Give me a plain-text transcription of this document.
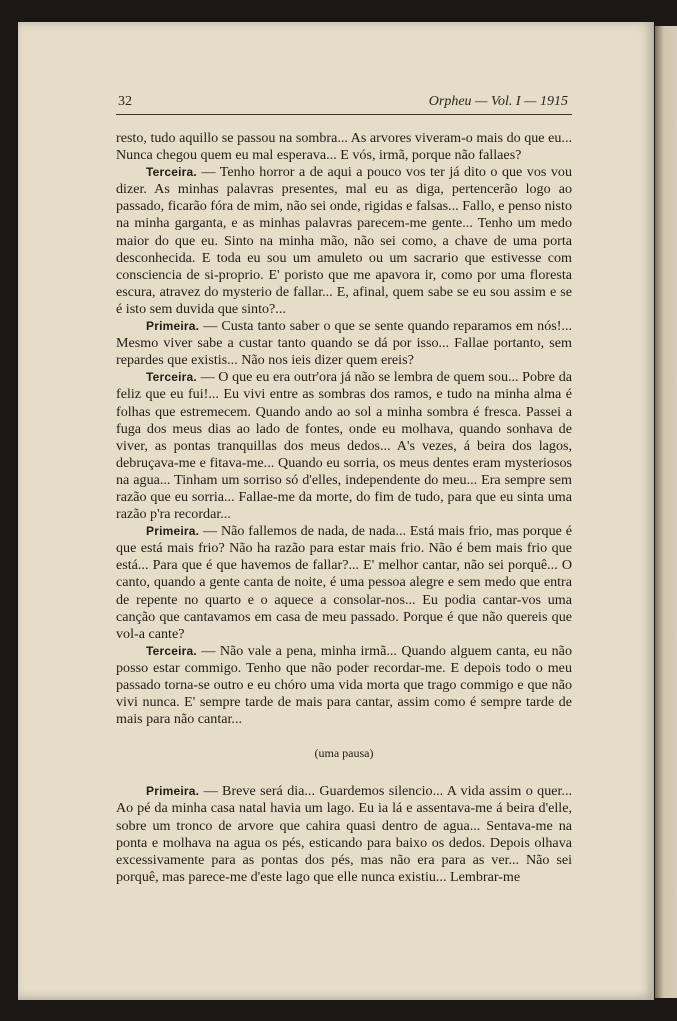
32	Orpheu — Vol. I — 1915

resto, tudo aquillo se passou na sombra... As arvores viveram-o mais do que eu... Nunca chegou quem eu mal esperava... E vós, irmã, porque não fallaes?

Terceira. — Tenho horror a de aqui a pouco vos ter já dito o que vos vou dizer. As minhas palavras presentes, mal eu as diga, pertencerão logo ao passado, ficarão fóra de mim, não sei onde, rigidas e falsas... Fallo, e penso nisto na minha garganta, e as minhas palavras parecem-me gente... Tenho um medo maior do que eu. Sinto na minha mão, não sei como, a chave de uma porta desconhecida. E toda eu sou um amuleto ou um sacrario que estivesse com consciencia de si-proprio. E' poristo que me apavora ir, como por uma floresta escura, atravez do mysterio de fallar... E, afinal, quem sabe se eu sou assim e se é isto sem duvida que sinto?...

Primeira. — Custa tanto saber o que se sente quando reparamos em nós!... Mesmo viver sabe a custar tanto quando se dá por isso... Fallae portanto, sem repardes que existis... Não nos ieis dizer quem ereis?

Terceira. — O que eu era outr'ora já não se lembra de quem sou... Pobre da feliz que eu fui!... Eu vivi entre as sombras dos ramos, e tudo na minha alma é folhas que estremecem. Quando ando ao sol a minha sombra é fresca. Passei a fuga dos meus dias ao lado de fontes, onde eu molhava, quando sonhava de viver, as pontas tranquillas dos meus dedos... A's vezes, á beira dos lagos, debruçava-me e fitava-me... Quando eu sorria, os meus dentes eram mysteriosos na agua... Tinham um sorriso só d'elles, independente do meu... Era sempre sem razão que eu sorria... Fallae-me da morte, do fim de tudo, para que eu sinta uma razão p'ra recordar...

Primeira. — Não fallemos de nada, de nada... Está mais frio, mas porque é que está mais frio? Não ha razão para estar mais frio. Não é bem mais frio que está... Para que é que havemos de fallar?... E' melhor cantar, não sei porquê... O canto, quando a gente canta de noite, é uma pessoa alegre e sem medo que entra de repente no quarto e o aquece a consolar-nos... Eu podia cantar-vos uma canção que cantavamos em casa de meu passado. Porque é que não quereis que vol-a cante?

Terceira. — Não vale a pena, minha irmã... Quando alguem canta, eu não posso estar commigo. Tenho que não poder recordar-me. E depois todo o meu passado torna-se outro e eu chóro uma vida morta que trago commigo e que não vivi nunca. E' sempre tarde de mais para cantar, assim como é sempre tarde de mais para não cantar...

(uma pausa)

Primeira. — Breve será dia... Guardemos silencio... A vida assim o quer... Ao pé da minha casa natal havia um lago. Eu ia lá e assentava-me á beira d'elle, sobre um tronco de arvore que cahira quasi dentro de agua... Sentava-me na ponta e molhava na agua os pés, esticando para baixo os dedos. Depois olhava excessivamente para as pontas dos pés, mas não era para as ver... Não sei porquê, mas parece-me d'este lago que elle nunca existiu... Lembrar-me
